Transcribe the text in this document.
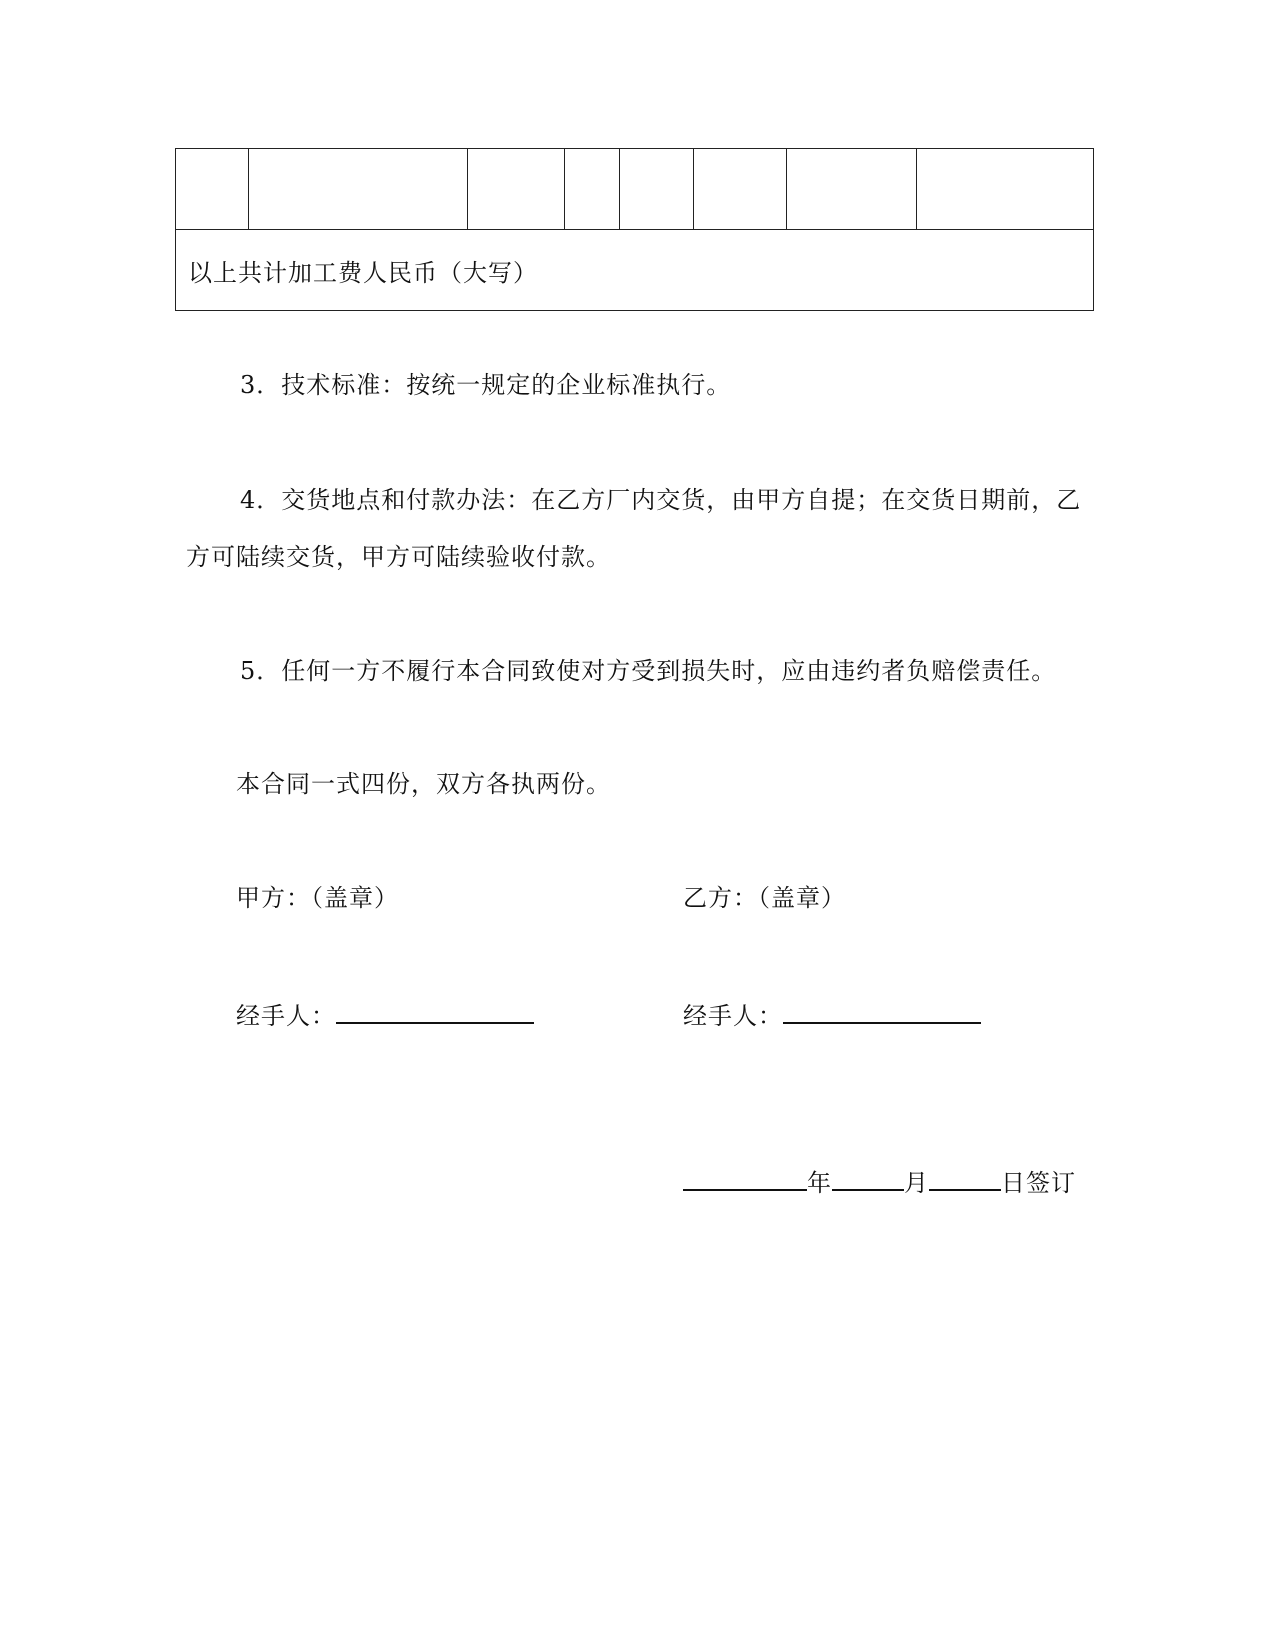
以上共计加工费人民币（大写）
3．技术标准：按统一规定的企业标准执行。
4．交货地点和付款办法：在乙方厂内交货，由甲方自提；在交货日期前，乙
方可陆续交货，甲方可陆续验收付款。
5．任何一方不履行本合同致使对方受到损失时，应由违约者负赔偿责任。
本合同一式四份，双方各执两份。
甲方：（盖章）	乙方：（盖章）
经手人：	经手人：
年	月	日签订
